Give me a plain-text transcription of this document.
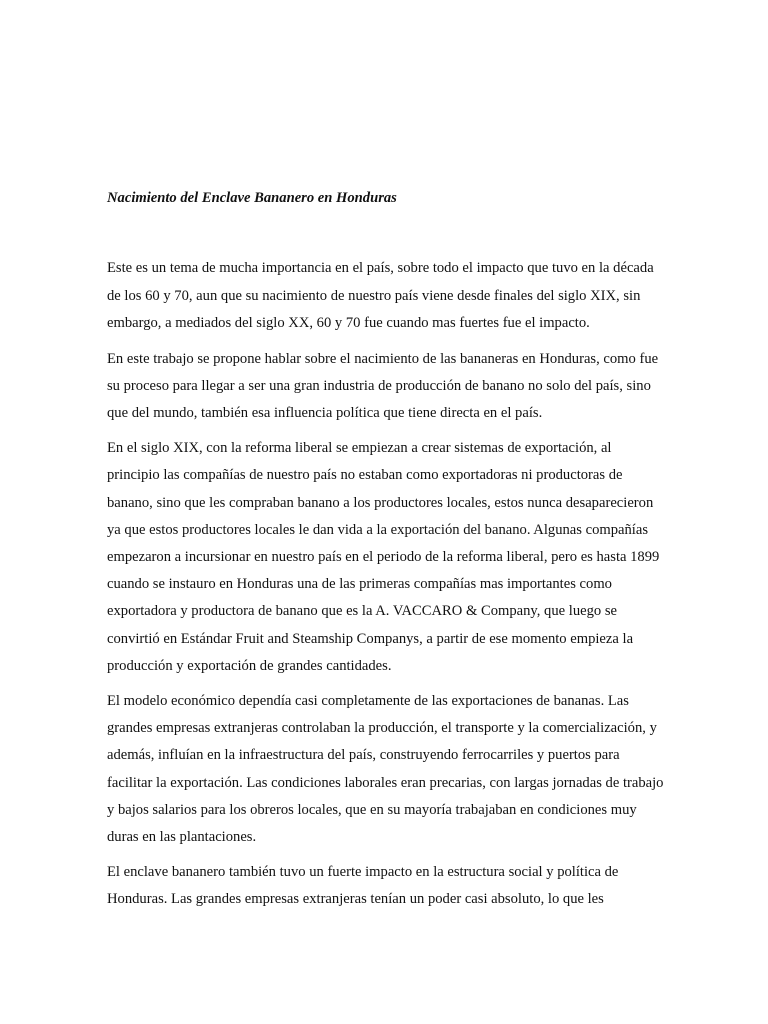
Nacimiento del Enclave Bananero en Honduras

Este es un tema de mucha importancia en el país, sobre todo el impacto que tuvo en la década de los 60 y 70, aun que su nacimiento de nuestro país viene desde finales del siglo XIX, sin embargo, a mediados del siglo XX, 60 y 70 fue cuando mas fuertes fue el impacto.

En este trabajo se propone hablar sobre el nacimiento de las bananeras en Honduras, como fue su proceso para llegar a ser una gran industria de producción de banano no solo del país, sino que del mundo, también esa influencia política que tiene directa en el país.

En el siglo XIX, con la reforma liberal se empiezan a crear sistemas de exportación, al principio las compañías de nuestro país no estaban como exportadoras ni productoras de banano, sino que les compraban banano a los productores locales, estos nunca desaparecieron ya que estos productores locales le dan vida a la exportación del banano. Algunas compañías empezaron a incursionar en nuestro país en el periodo de la reforma liberal, pero es hasta 1899 cuando se instauro en Honduras una de las primeras compañías mas importantes como exportadora y productora de banano que es la A. VACCARO & Company, que luego se convirtió en Estándar Fruit and Steamship Companys, a partir de ese momento empieza la producción y exportación de grandes cantidades.

El modelo económico dependía casi completamente de las exportaciones de bananas. Las grandes empresas extranjeras controlaban la producción, el transporte y la comercialización, y además, influían en la infraestructura del país, construyendo ferrocarriles y puertos para facilitar la exportación. Las condiciones laborales eran precarias, con largas jornadas de trabajo y bajos salarios para los obreros locales, que en su mayoría trabajaban en condiciones muy duras en las plantaciones.

El enclave bananero también tuvo un fuerte impacto en la estructura social y política de Honduras. Las grandes empresas extranjeras tenían un poder casi absoluto, lo que les
